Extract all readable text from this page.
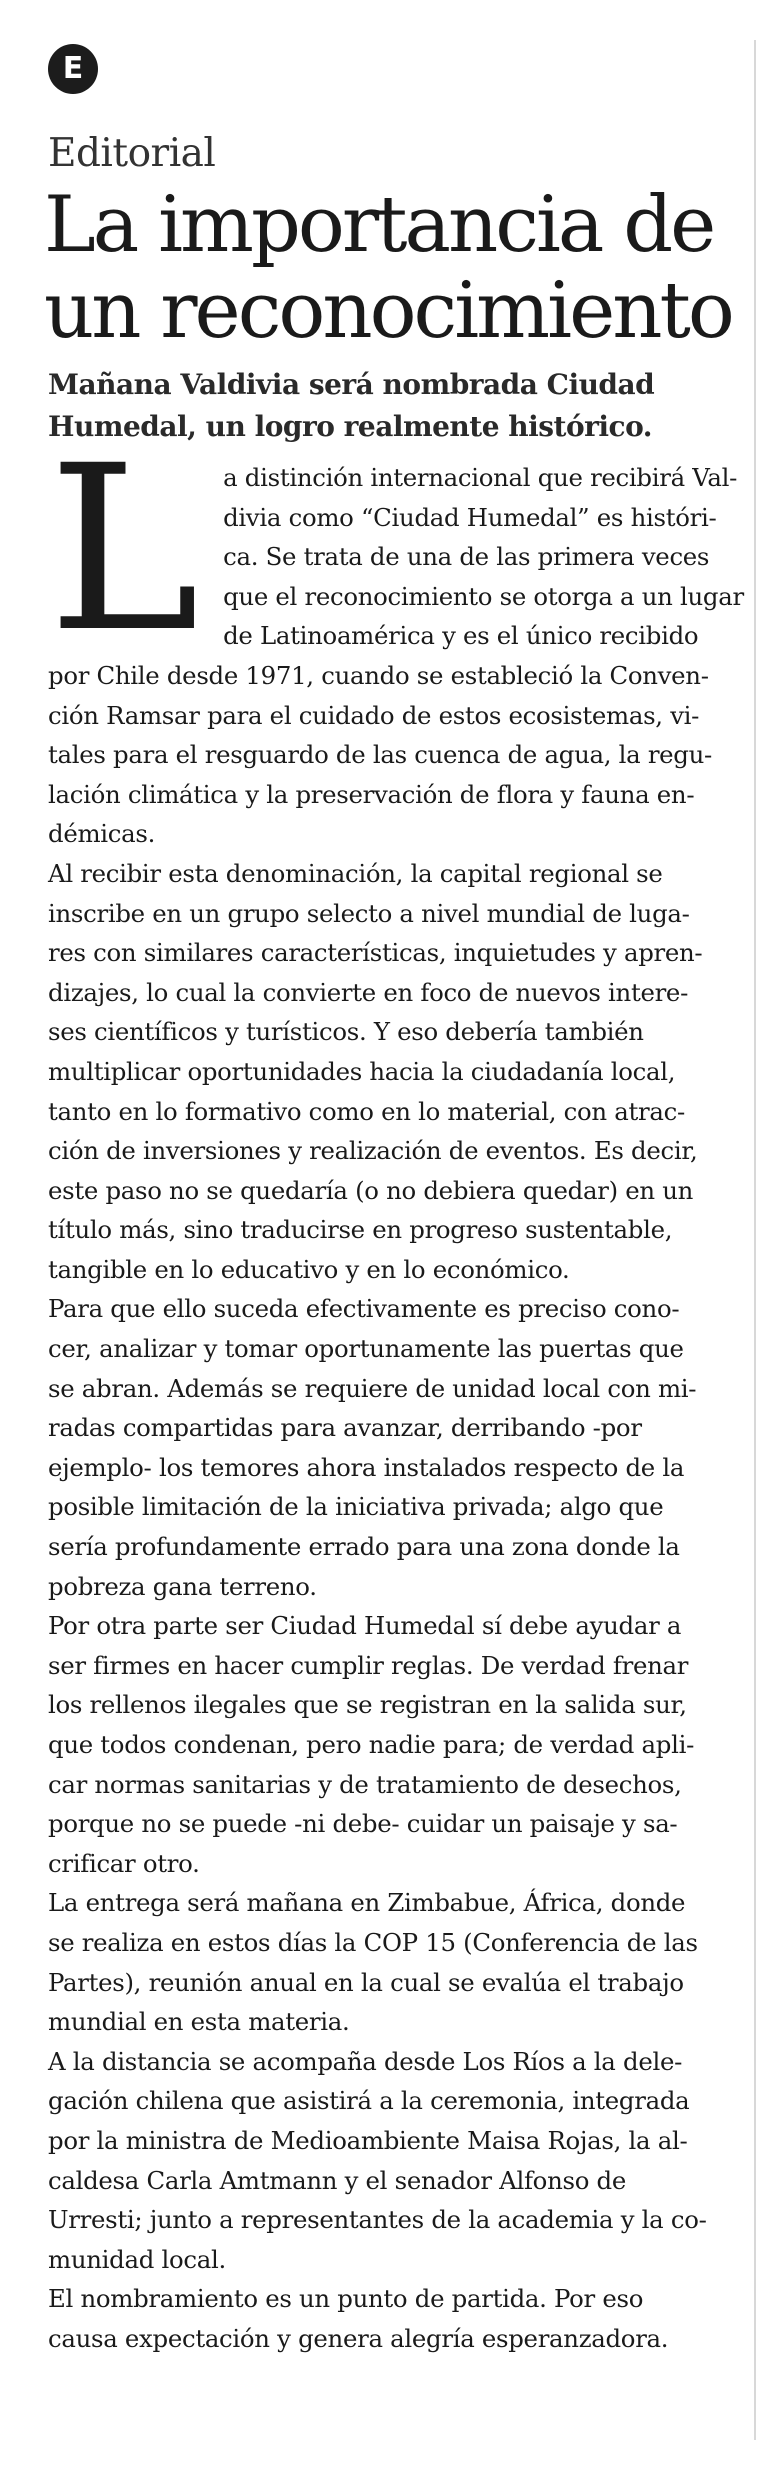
E
Editorial
La importancia de
un reconocimiento
Mañana Valdivia será nombrada Ciudad
Humedal, un logro realmente histórico.

L a distinción internacional que recibirá Val-
divia como “Ciudad Humedal” es históri-
ca. Se trata de una de las primera veces
que el reconocimiento se otorga a un lugar
de Latinoamérica y es el único recibido
por Chile desde 1971, cuando se estableció la Conven-
ción Ramsar para el cuidado de estos ecosistemas, vi-
tales para el resguardo de las cuenca de agua, la regu-
lación climática y la preservación de flora y fauna en-
démicas.

Al recibir esta denominación, la capital regional se
inscribe en un grupo selecto a nivel mundial de luga-
res con similares características, inquietudes y apren-
dizajes, lo cual la convierte en foco de nuevos intere-
ses científicos y turísticos. Y eso debería también
multiplicar oportunidades hacia la ciudadanía local,
tanto en lo formativo como en lo material, con atrac-
ción de inversiones y realización de eventos. Es decir,
este paso no se quedaría (o no debiera quedar) en un
título más, sino traducirse en progreso sustentable,
tangible en lo educativo y en lo económico.

Para que ello suceda efectivamente es preciso cono-
cer, analizar y tomar oportunamente las puertas que
se abran. Además se requiere de unidad local con mi-
radas compartidas para avanzar, derribando -por
ejemplo- los temores ahora instalados respecto de la
posible limitación de la iniciativa privada; algo que
sería profundamente errado para una zona donde la
pobreza gana terreno.

Por otra parte ser Ciudad Humedal sí debe ayudar a
ser firmes en hacer cumplir reglas. De verdad frenar
los rellenos ilegales que se registran en la salida sur,
que todos condenan, pero nadie para; de verdad apli-
car normas sanitarias y de tratamiento de desechos,
porque no se puede -ni debe- cuidar un paisaje y sa-
crificar otro.

La entrega será mañana en Zimbabue, África, donde
se realiza en estos días la COP 15 (Conferencia de las
Partes), reunión anual en la cual se evalúa el trabajo
mundial en esta materia.

A la distancia se acompaña desde Los Ríos a la dele-
gación chilena que asistirá a la ceremonia, integrada
por la ministra de Medioambiente Maisa Rojas, la al-
caldesa Carla Amtmann y el senador Alfonso de
Urresti; junto a representantes de la academia y la co-
munidad local.

El nombramiento es un punto de partida. Por eso
causa expectación y genera alegría esperanzadora.
